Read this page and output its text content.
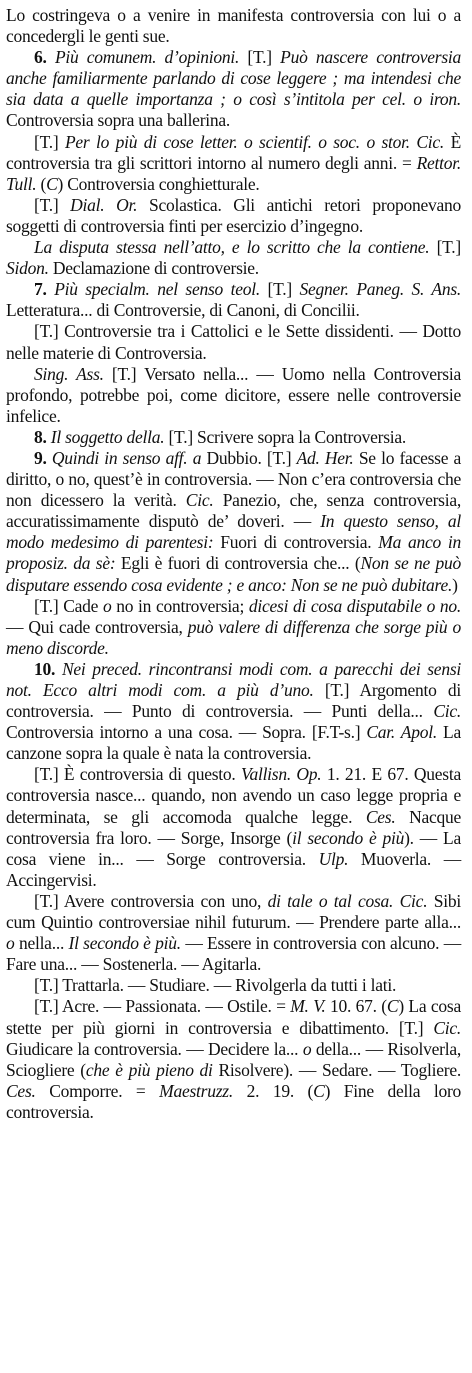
Lo costringeva o a venire in manifesta controversia con lui o a concedergli le genti sue.

6. Più comunem. d’opinioni. [T.] Può nascere controversia anche familiarmente parlando di cose leggere ; ma intendesi che sia data a quelle importanza ; o così s’intitola per cel. o iron. Controversia sopra una ballerina.

[T.] Per lo più di cose letter. o scientif. o soc. o stor. Cic. È controversia tra gli scrittori intorno al numero degli anni. = Rettor. Tull. (C) Controversia conghietturale.

[T.] Dial. Or. Scolastica. Gli antichi retori proponevano soggetti di controversia finti per esercizio d’ingegno.

La disputa stessa nell’atto, e lo scritto che la contiene. [T.] Sidon. Declamazione di controversie.

7. Più specialm. nel senso teol. [T.] Segner. Paneg. S. Ans. Letteratura... di Controversie, di Canoni, di Concilii.

[T.] Controversie tra i Cattolici e le Sette dissidenti. — Dotto nelle materie di Controversia.

Sing. Ass. [T.] Versato nella... — Uomo nella Controversia profondo, potrebbe poi, come dicitore, essere nelle controversie infelice.

8. Il soggetto della. [T.] Scrivere sopra la Controversia.

9. Quindi in senso aff. a Dubbio. [T.] Ad. Her. Se lo facesse a diritto, o no, quest’è in controversia. — Non c’era controversia che non dicessero la verità. Cic. Panezio, che, senza controversia, accuratissimamente disputò de’ doveri. — In questo senso, al modo medesimo di parentesi: Fuori di controversia. Ma anco in proposiz. da sè: Egli è fuori di controversia che... (Non se ne può disputare essendo cosa evidente ; e anco: Non se ne può dubitare.)

[T.] Cade o no in controversia; dicesi di cosa disputabile o no. — Qui cade controversia, può valere di differenza che sorge più o meno discorde.

10. Nei preced. rincontransi modi com. a parecchi dei sensi not. Ecco altri modi com. a più d’uno. [T.] Argomento di controversia. — Punto di controversia. — Punti della... Cic. Controversia intorno a una cosa. — Sopra. [F.T-s.] Car. Apol. La canzone sopra la quale è nata la controversia.

[T.] È controversia di questo. Vallisn. Op. 1. 21. E 67. Questa controversia nasce... quando, non avendo un caso legge propria e determinata, se gli accomoda qualche legge. Ces. Nacque controversia fra loro. — Sorge, Insorge (il secondo è più). — La cosa viene in... — Sorge controversia. Ulp. Muoverla. — Accingervisi.

[T.] Avere controversia con uno, di tale o tal cosa. Cic. Sibi cum Quintio controversiae nihil futurum. — Prendere parte alla... o nella... Il secondo è più. — Essere in controversia con alcuno. — Fare una... — Sostenerla. — Agitarla.

[T.] Trattarla. — Studiare. — Rivolgerla da tutti i lati.

[T.] Acre. — Passionata. — Ostile. = M. V. 10. 67. (C) La cosa stette per più giorni in controversia e dibattimento. [T.] Cic. Giudicare la controversia. — Decidere la... o della... — Risolverla, Sciogliere (che è più pieno di Risolvere). — Sedare. — Togliere. Ces. Comporre. = Maestruzz. 2. 19. (C) Fine della loro controversia.
